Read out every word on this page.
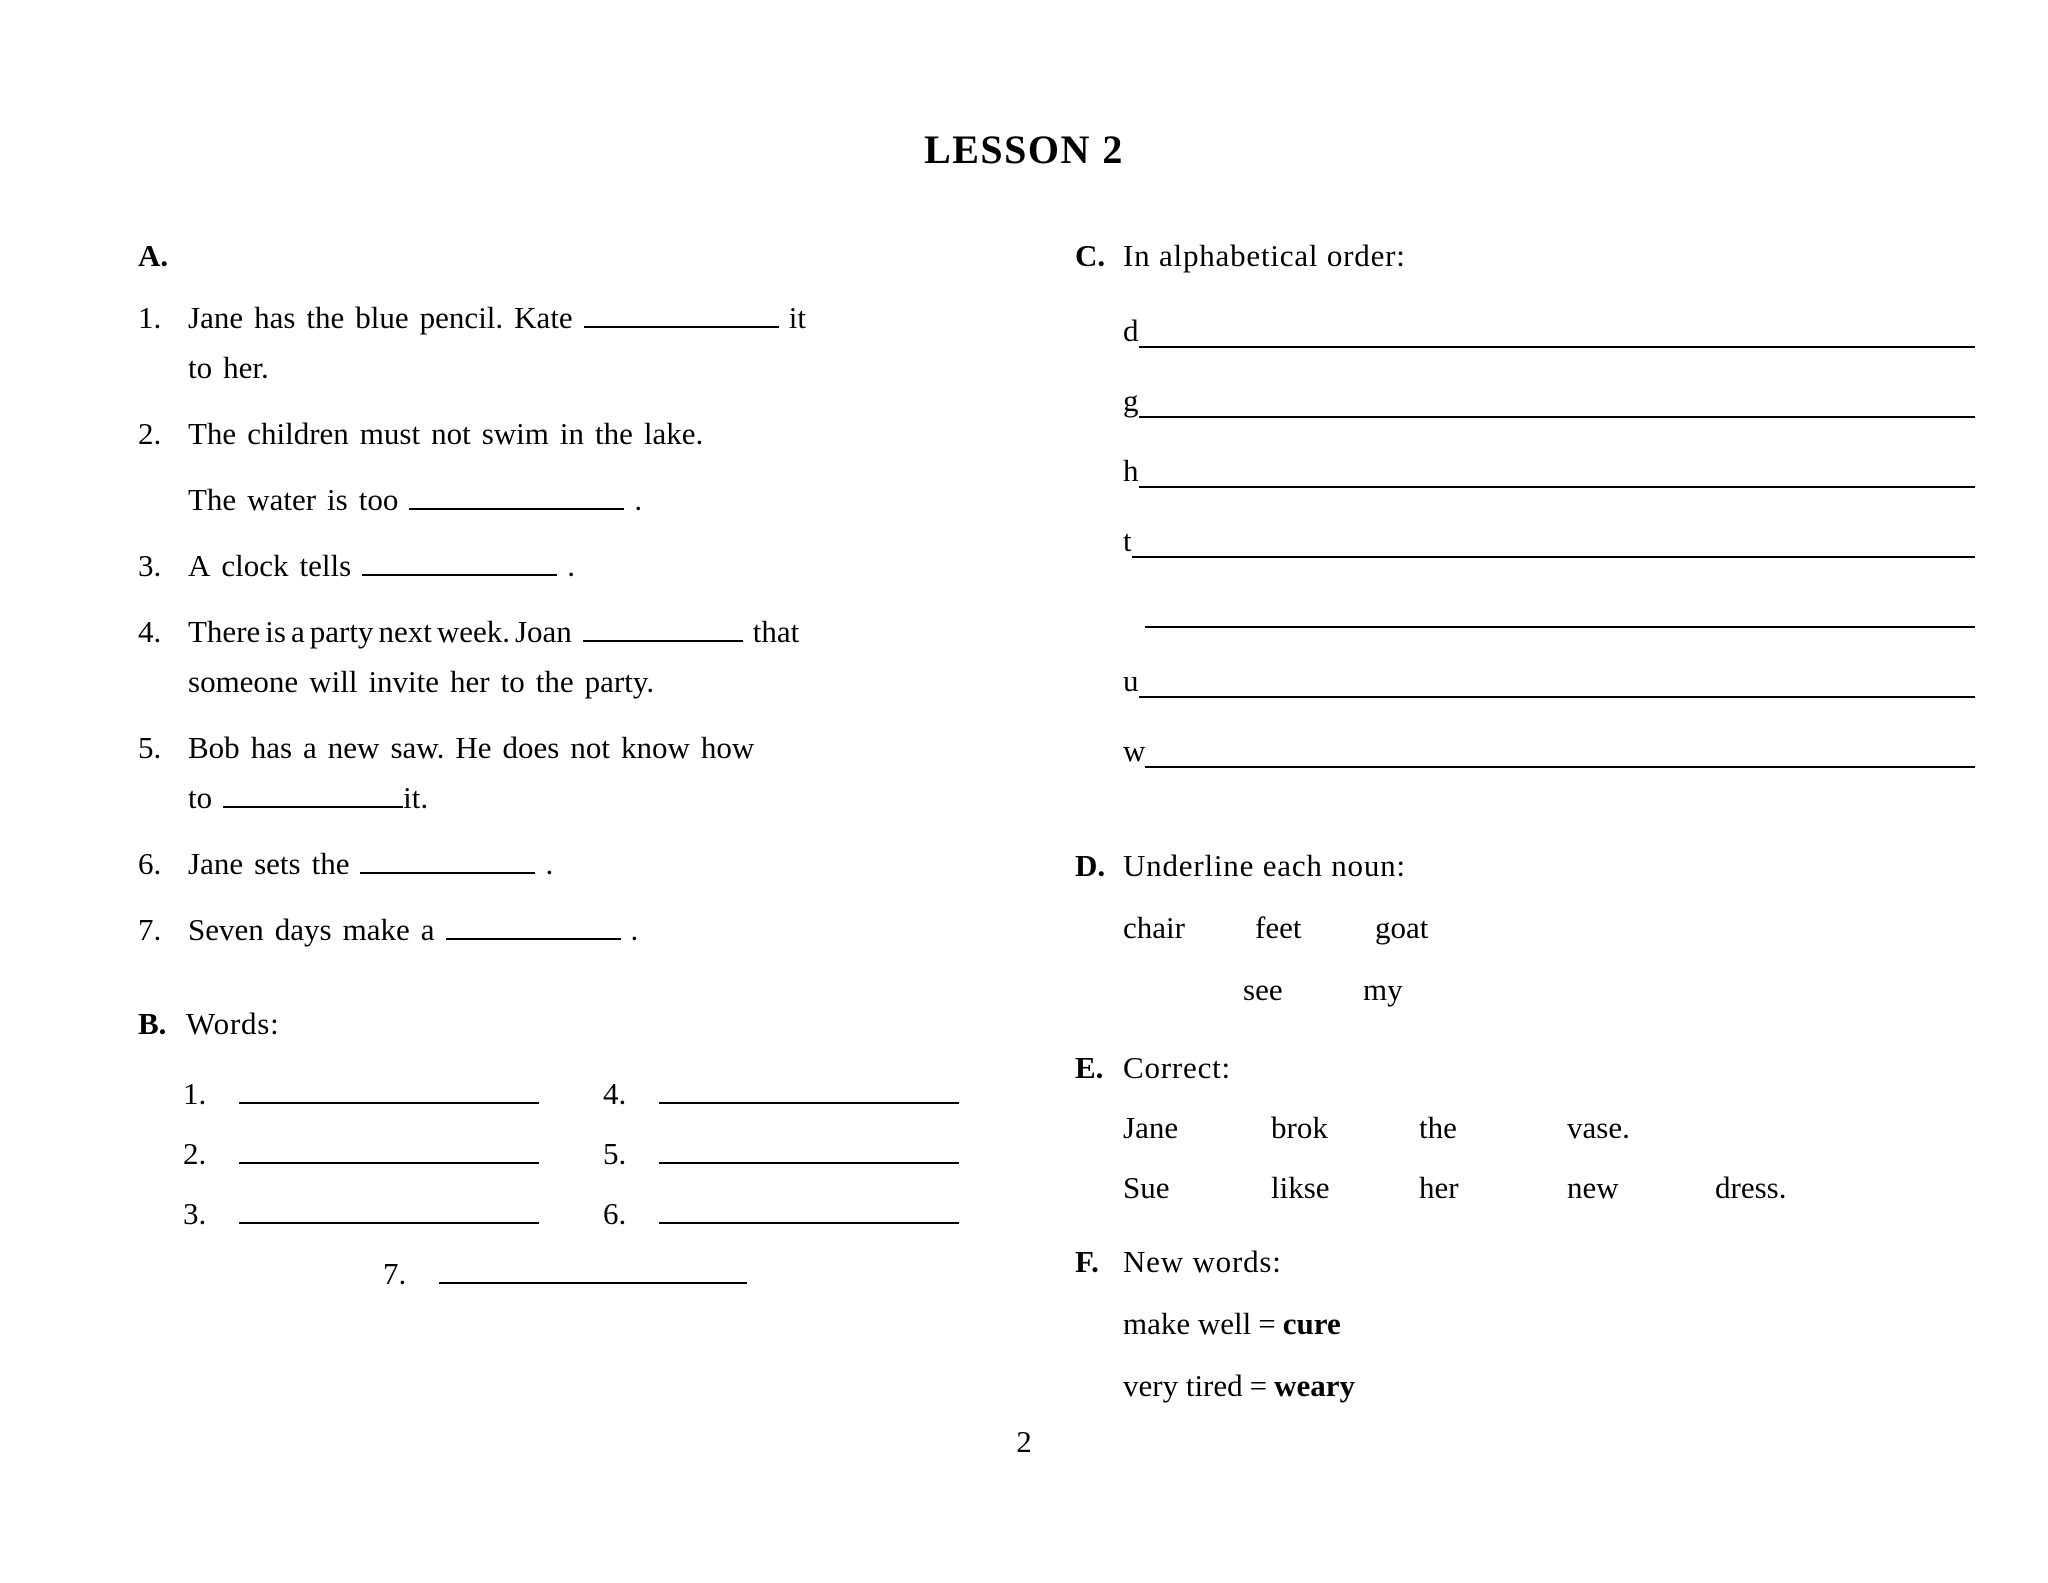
LESSON 2
A.
1. Jane has the blue pencil. Kate	it
to her.
2. The children must not swim in the lake.
The water is too	.
3. A clock tells	.
4. There is a party next week. Joan	that
someone will invite her to the party.
5. Bob has a new saw. He does not know how
to	it.
6. Jane sets the	.
7. Seven days make a	.
B. Words:
1.	4.
2.	5.
3.	6.
7.
C. In alphabetical order:
d
g
h
t
u
w
D. Underline each noun:
chair	feet	goat
see	my
E. Correct:
Jane	brok	the	vase.
Sue	likse	her	new	dress.
F. New words:
make well = cure
very tired = weary
2
